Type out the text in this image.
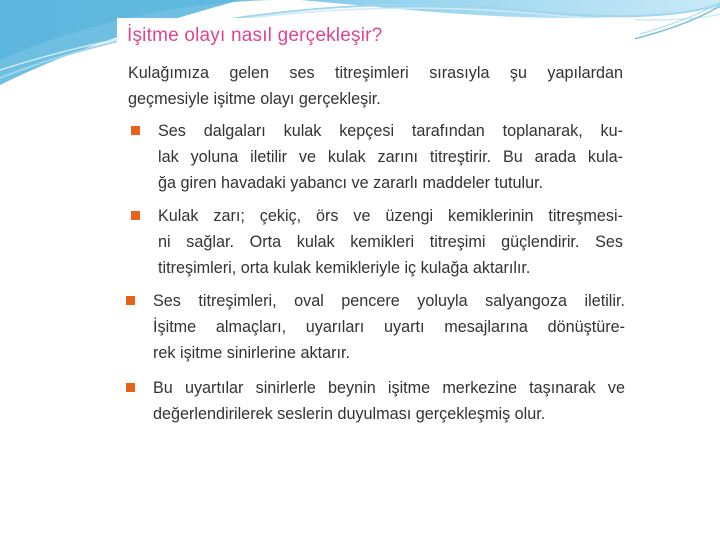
İşitme olayı nasıl gerçekleşir?
Kulağımıza gelen ses titreşimleri sırasıyla şu yapılardan
geçmesiyle işitme olayı gerçekleşir.
Ses dalgaları kulak kepçesi tarafından toplanarak, ku-
lak yoluna iletilir ve kulak zarını titreştirir. Bu arada kula-
ğa giren havadaki yabancı ve zararlı maddeler tutulur.
Kulak zarı; çekiç, örs ve üzengi kemiklerinin titreşmesi-
ni sağlar. Orta kulak kemikleri titreşimi güçlendirir. Ses
titreşimleri, orta kulak kemikleriyle iç kulağa aktarılır.
Ses titreşimleri, oval pencere yoluyla salyangoza iletilir.
İşitme almaçları, uyarıları uyartı mesajlarına dönüştüre-
rek işitme sinirlerine aktarır.
Bu uyartılar sinirlerle beynin işitme merkezine taşınarak ve
değerlendirilerek seslerin duyulması gerçekleşmiş olur.
